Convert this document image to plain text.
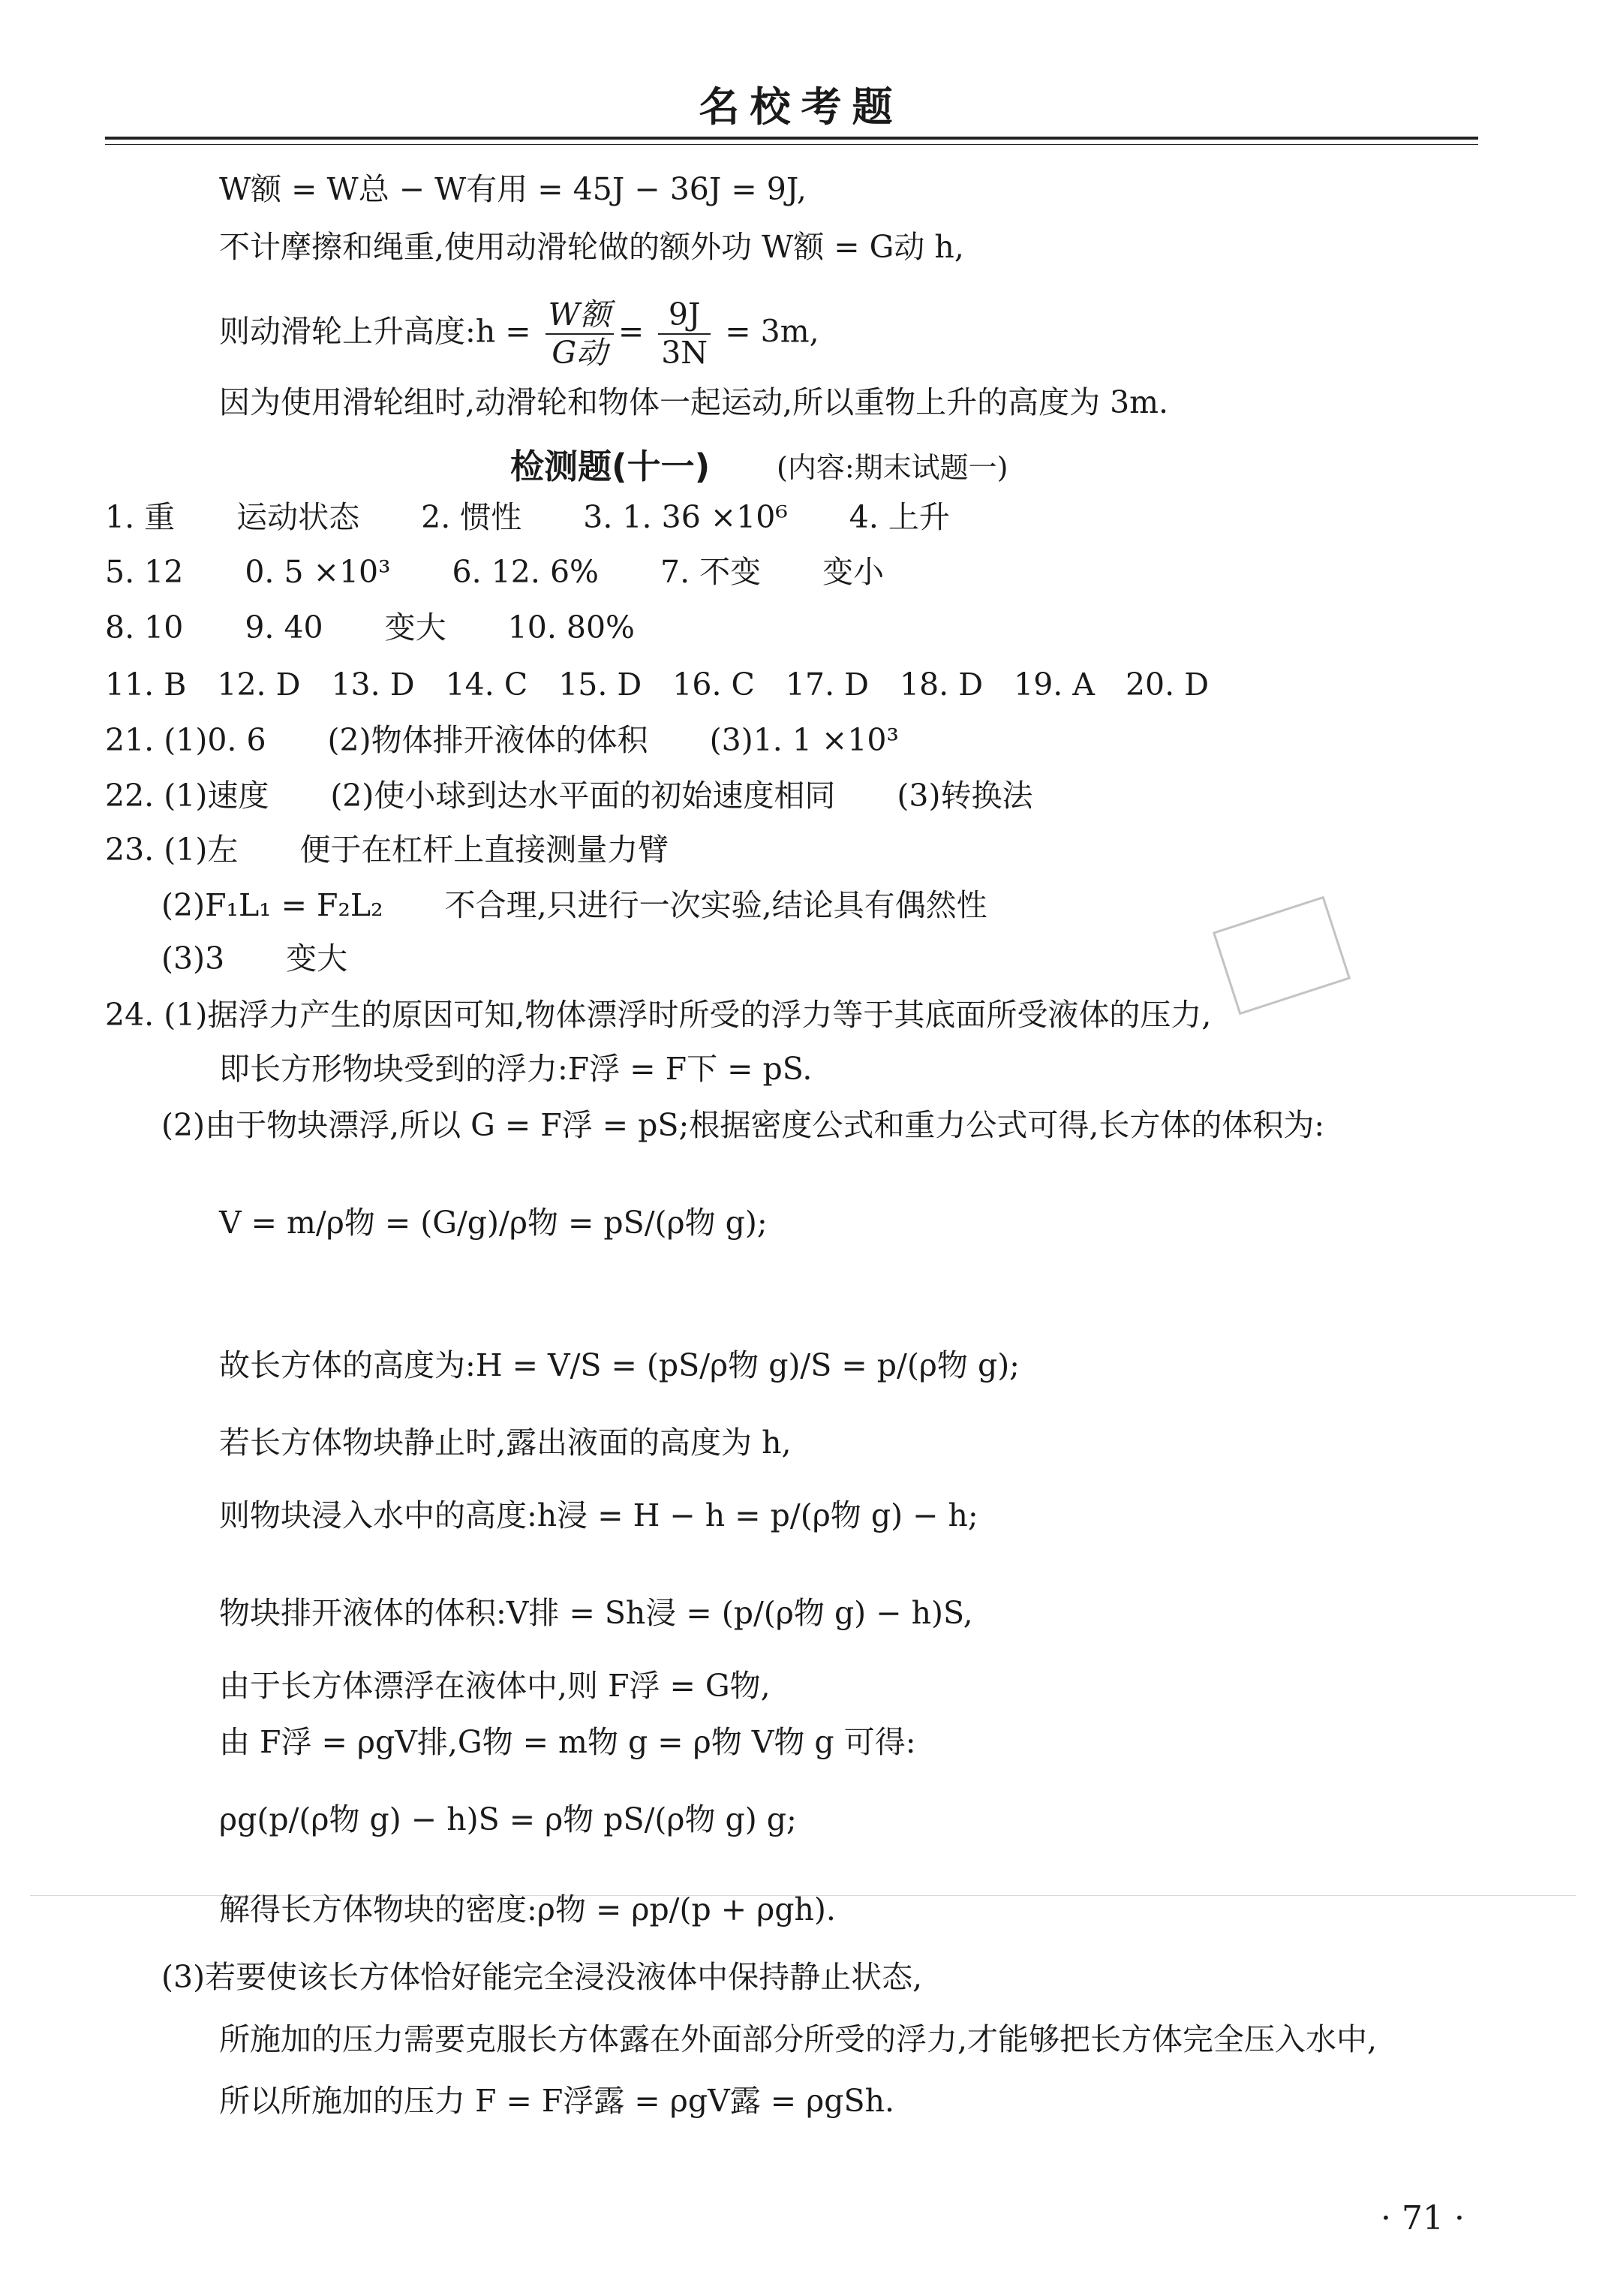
名校考题
W额 = W总 − W有用 = 45J − 36J = 9J,
不计摩擦和绳重,使用动滑轮做的额外功 W额 = G动 h,
则动滑轮上升高度:h = $\frac{\text{W额}}{\text{G动}} = \frac{9J}{3N} = 3m$,
因为使用滑轮组时,动滑轮和物体一起运动,所以重物上升的高度为 3m.
检测题(十一) (内容:期末试题一)
1. 重　　运动状态　　2. 惯性　　3. 1. 36 ×10⁶　　4. 上升
5. 12　　0. 5 ×10³　　6. 12. 6%　　7. 不变　　变小
8. 10　　9. 40　　变大　　10. 80%
11. B　12. D　13. D　14. C　15. D　16. C　17. D　18. D　19. A　20. D
21. (1)0. 6　　(2)物体排开液体的体积　　(3)1. 1 ×10³
22. (1)速度　　(2)使小球到达水平面的初始速度相同　　(3)转换法
23. (1)左　　便于在杠杆上直接测量力臂
(2)F₁L₁ = F₂L₂　　不合理,只进行一次实验,结论具有偶然性
(3)3　　变大
24. (1)据浮力产生的原因可知,物体漂浮时所受的浮力等于其底面所受液体的压力,
即长方形物块受到的浮力:F浮 = F下 = pS.
(2)由于物块漂浮,所以 G = F浮 = pS;根据密度公式和重力公式可得,长方体的体积为:
V = m/ρ物 = (G/g)/ρ物 = pS/(ρ物 g);
故长方体的高度为:H = V/S = (pS/ρ物 g)/S = p/(ρ物 g);
若长方体物块静止时,露出液面的高度为 h,
则物块浸入水中的高度:h浸 = H − h = p/(ρ物 g) − h;
物块排开液体的体积:V排 = Sh浸 = (p/(ρ物 g) − h)S,
由于长方体漂浮在液体中,则 F浮 = G物,
由 F浮 = ρgV排,G物 = m物 g = ρ物 V物 g 可得:
ρg(p/(ρ物 g) − h)S = ρ物 pS/(ρ物 g) g;
解得长方体物块的密度:ρ物 = ρp/(p + ρgh).
(3)若要使该长方体恰好能完全浸没液体中保持静止状态,
所施加的压力需要克服长方体露在外面部分所受的浮力,才能够把长方体完全压入水中,
所以所施加的压力 F = F浮露 = ρgV露 = ρgSh.
· 71 ·
